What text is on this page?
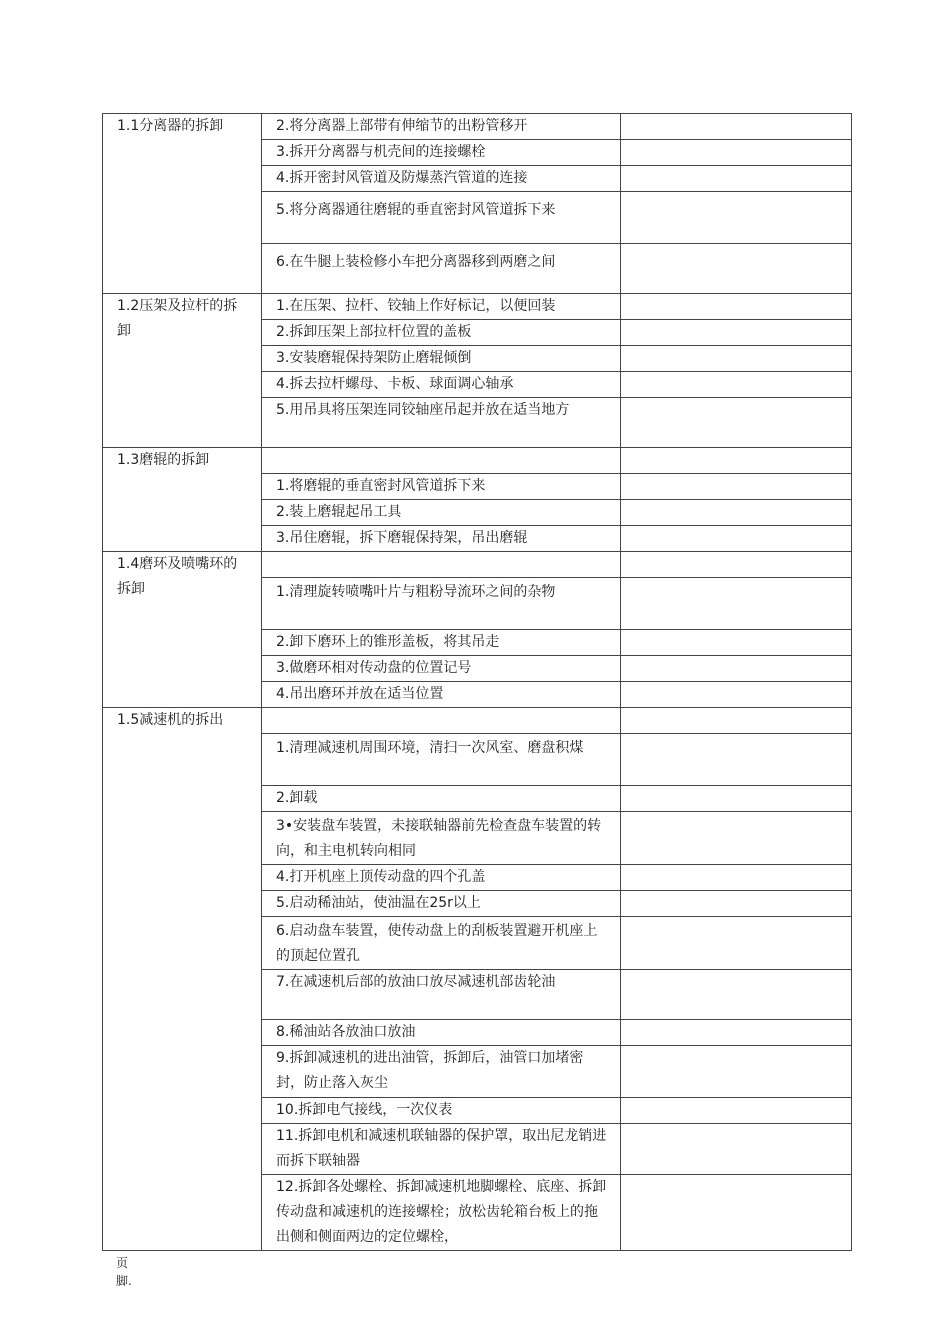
1.1分离器的拆卸	2.将分离器上部带有伸缩节的出粉管移开	
	3.拆开分离器与机壳间的连接螺栓	
	4.拆开密封风管道及防爆蒸汽管道的连接	
	5.将分离器通往磨辊的垂直密封风管道拆下来	
	6.在牛腿上装检修小车把分离器移到两磨之间	
1.2压架及拉杆的拆卸	1.在压架、拉杆、铰轴上作好标记，以便回装	
	2.拆卸压架上部拉杆位置的盖板	
	3.安装磨辊保持架防止磨辊倾倒	
	4.拆去拉杆螺母、卡板、球面调心轴承	
	5.用吊具将压架连同铰轴座吊起并放在适当地方	
1.3磨辊的拆卸		
	1.将磨辊的垂直密封风管道拆下来	
	2.装上磨辊起吊工具	
	3.吊住磨辊，拆下磨辊保持架，吊出磨辊	
1.4磨环及喷嘴环的拆卸		
	1.清理旋转喷嘴叶片与粗粉导流环之间的杂物	
	2.卸下磨环上的锥形盖板，将其吊走	
	3.做磨环相对传动盘的位置记号	
	4.吊出磨环并放在适当位置	
1.5减速机的拆出		
	1.清理减速机周围环境，清扫一次风室、磨盘积煤	
	2.卸载	
	3•安装盘车装置，未接联轴器前先检查盘车装置的转向，和主电机转向相同	
	4.打开机座上顶传动盘的四个孔盖	
	5.启动稀油站，使油温在25r以上	
	6.启动盘车装置，使传动盘上的刮板装置避开机座上的顶起位置孔	
	7.在减速机后部的放油口放尽减速机部齿轮油	
	8.稀油站各放油口放油	
	9.拆卸减速机的进出油管，拆卸后，油管口加堵密封，防止落入灰尘	
	10.拆卸电气接线，一次仪表	
	11.拆卸电机和减速机联轴器的保护罩，取出尼龙销进而拆下联轴器	
	12.拆卸各处螺栓、拆卸减速机地脚螺栓、底座、拆卸传动盘和减速机的连接螺栓；放松齿轮箱台板上的拖出侧和侧面两边的定位螺栓，	
页
脚.
